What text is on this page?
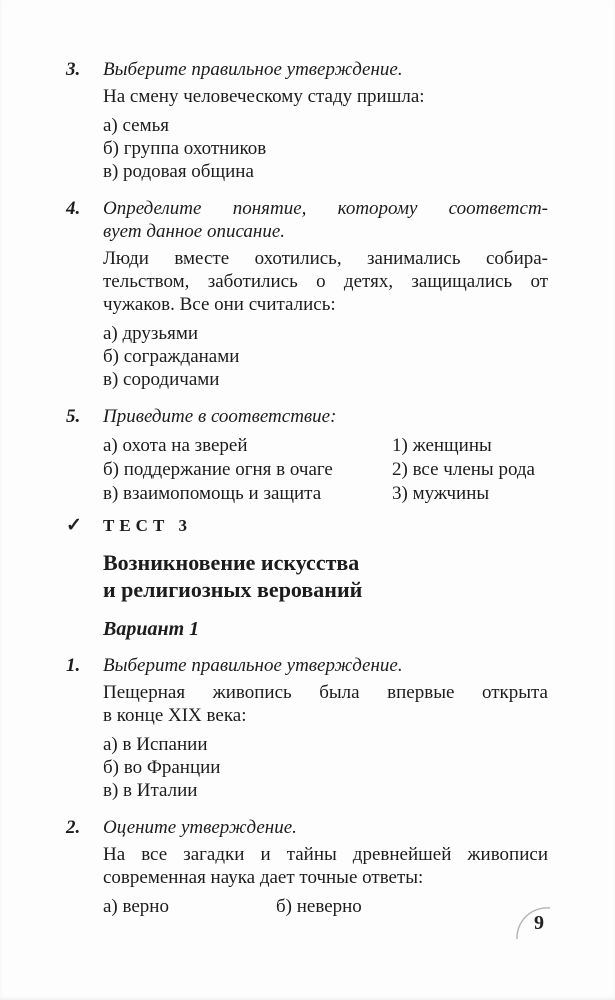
3.	Выберите правильное утверждение.
На смену человеческому стаду пришла:
а) семья
б) группа охотников
в) родовая община
4.	Определите понятие, которому соответст-
вует данное описание.
Люди вместе охотились, занимались собира-
тельством, заботились о детях, защищались от
чужаков. Все они считались:
а) друзьями
б) согражданами
в) сородичами
5.	Приведите в соответствие:
а) охота на зверей	1) женщины
б) поддержание огня в очаге	2) все члены рода
в) взаимопомощь и защита	3) мужчины
✓	ТЕСТ 3
Возникновение искусства
и религиозных верований
Вариант 1
1.	Выберите правильное утверждение.
Пещерная живопись была впервые открыта
в конце XIX века:
а) в Испании
б) во Франции
в) в Италии
2.	Оцените утверждение.
На все загадки и тайны древнейшей живописи
современная наука дает точные ответы:
а) верно	б) неверно
9
